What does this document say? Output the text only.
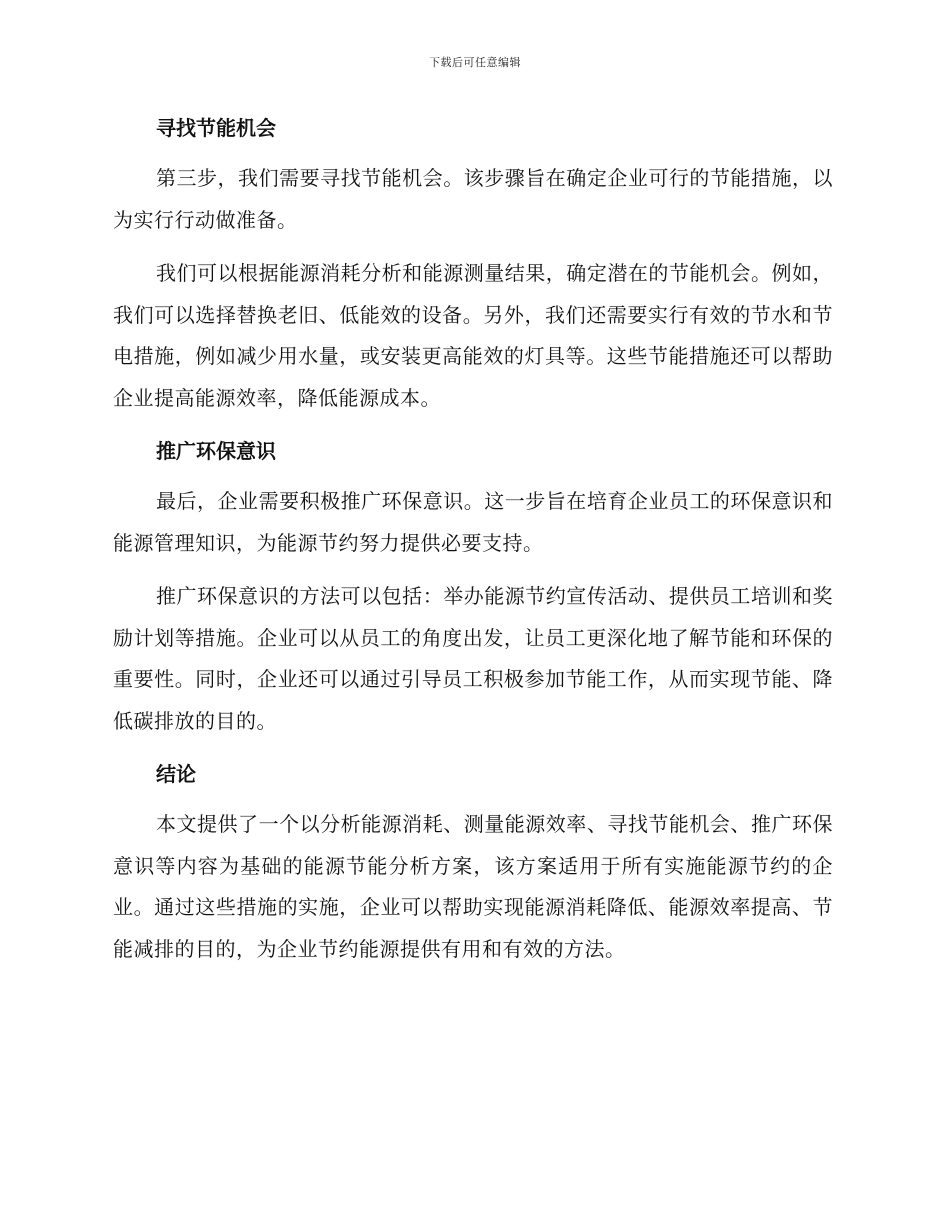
下载后可任意编辑
寻找节能机会

第三步，我们需要寻找节能机会。该步骤旨在确定企业可行的节能措施，以为实行行动做准备。

我们可以根据能源消耗分析和能源测量结果，确定潜在的节能机会。例如，我们可以选择替换老旧、低能效的设备。另外，我们还需要实行有效的节水和节电措施，例如减少用水量，或安装更高能效的灯具等。这些节能措施还可以帮助企业提高能源效率，降低能源成本。

推广环保意识

最后，企业需要积极推广环保意识。这一步旨在培育企业员工的环保意识和能源管理知识，为能源节约努力提供必要支持。

推广环保意识的方法可以包括：举办能源节约宣传活动、提供员工培训和奖励计划等措施。企业可以从员工的角度出发，让员工更深化地了解节能和环保的重要性。同时，企业还可以通过引导员工积极参加节能工作，从而实现节能、降低碳排放的目的。

结论

本文提供了一个以分析能源消耗、测量能源效率、寻找节能机会、推广环保意识等内容为基础的能源节能分析方案，该方案适用于所有实施能源节约的企业。通过这些措施的实施，企业可以帮助实现能源消耗降低、能源效率提高、节能减排的目的，为企业节约能源提供有用和有效的方法。
